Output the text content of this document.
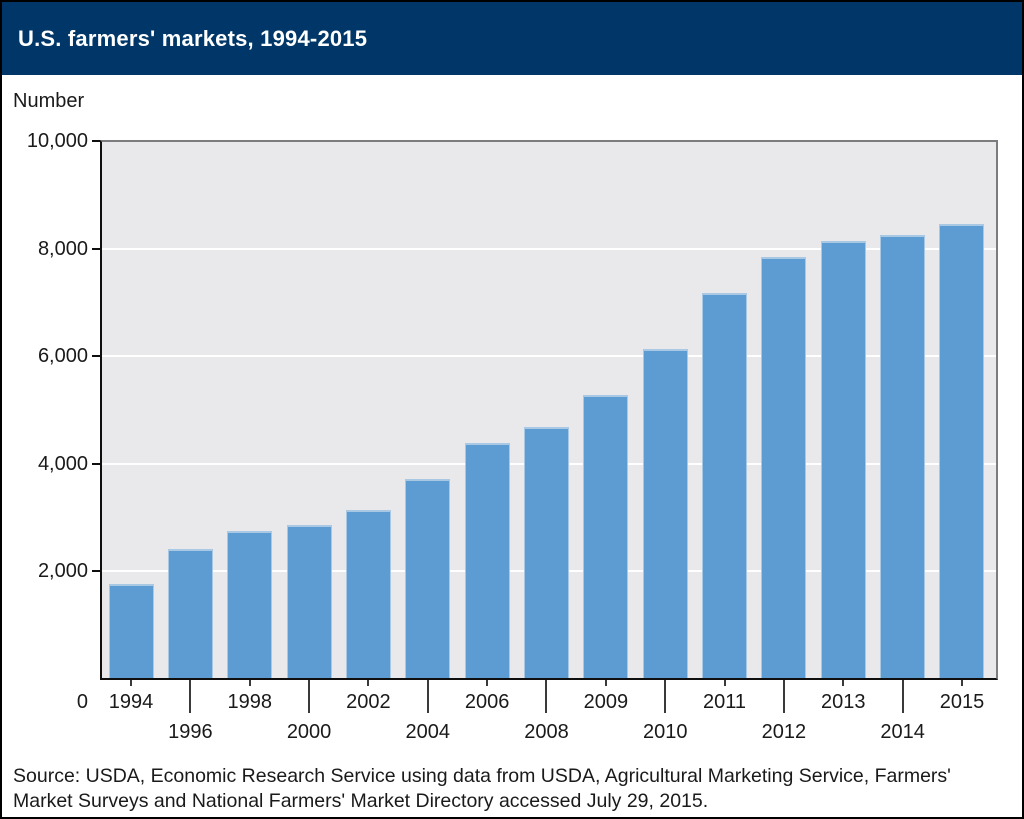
U.S. farmers' markets, 1994-2015
Number
10,000
8,000
6,000
4,000
2,000
0	1994
1996
1998
2000
2002
2004
2006
2008
2009
2010
2011
2012
2013
2014
2015
Source: USDA, Economic Research Service using data from USDA, Agricultural Marketing Service, Farmers'
Market Surveys and National Farmers' Market Directory accessed July 29, 2015.
